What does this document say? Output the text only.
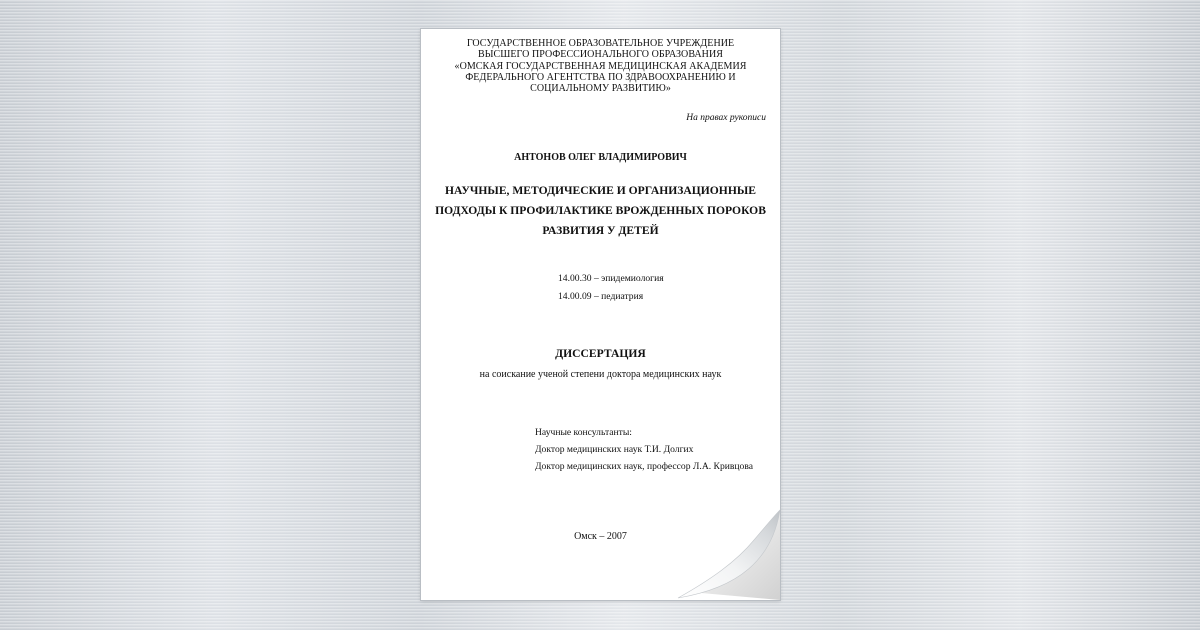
ГОСУДАРСТВЕННОЕ ОБРАЗОВАТЕЛЬНОЕ УЧРЕЖДЕНИЕ
ВЫСШЕГО ПРОФЕССИОНАЛЬНОГО ОБРАЗОВАНИЯ
«ОМСКАЯ ГОСУДАРСТВЕННАЯ МЕДИЦИНСКАЯ АКАДЕМИЯ
ФЕДЕРАЛЬНОГО АГЕНТСТВА ПО ЗДРАВООХРАНЕНИЮ И
СОЦИАЛЬНОМУ РАЗВИТИЮ»
На правах рукописи
АНТОНОВ ОЛЕГ ВЛАДИМИРОВИЧ
НАУЧНЫЕ, МЕТОДИЧЕСКИЕ И ОРГАНИЗАЦИОННЫЕ
ПОДХОДЫ К ПРОФИЛАКТИКЕ ВРОЖДЕННЫХ ПОРОКОВ
РАЗВИТИЯ У ДЕТЕЙ
14.00.30 – эпидемиология
14.00.09 – педиатрия
ДИССЕРТАЦИЯ
на соискание ученой степени доктора медицинских наук
Научные консультанты:
Доктор медицинских наук Т.И. Долгих
Доктор медицинских наук, профессор Л.А. Кривцова
Омск – 2007
